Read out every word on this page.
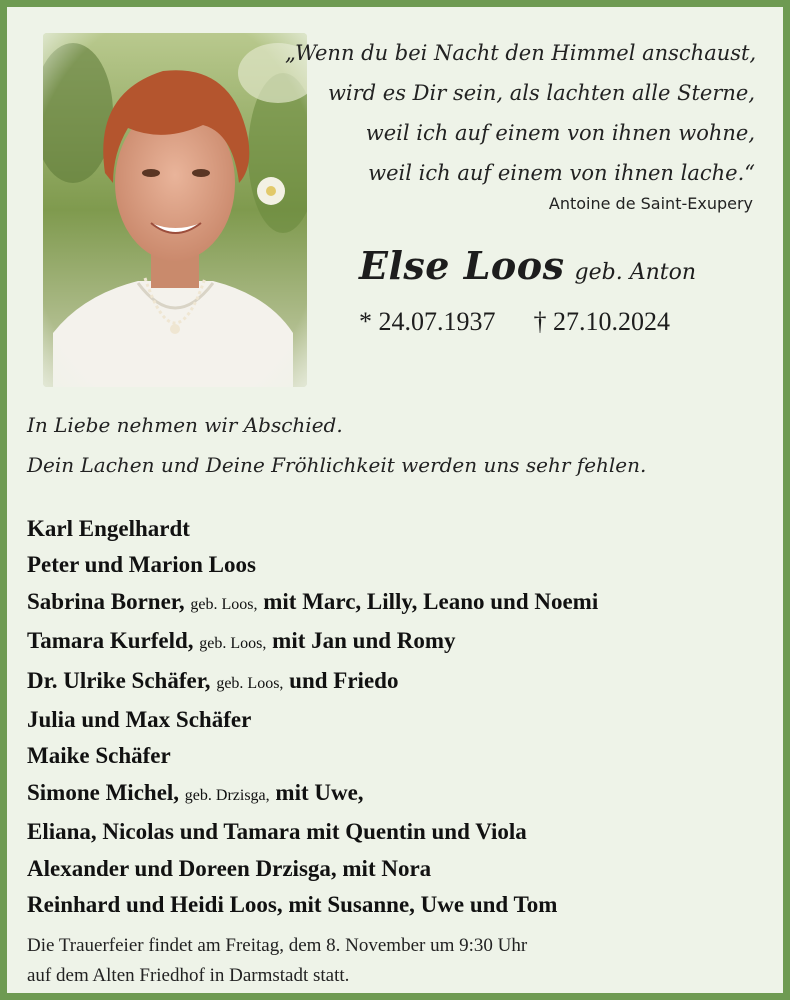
„Wenn du bei Nacht den Himmel anschaust,
wird es Dir sein, als lachten alle Sterne,
weil ich auf einem von ihnen wohne,
weil ich auf einem von ihnen lache.“
Antoine de Saint-Exupery
Else Loos geb. Anton
* 24.07.1937 † 27.10.2024
In Liebe nehmen wir Abschied.
Dein Lachen und Deine Fröhlichkeit werden uns sehr fehlen.
Karl Engelhardt
Peter und Marion Loos
Sabrina Borner, geb. Loos, mit Marc, Lilly, Leano und Noemi
Tamara Kurfeld, geb. Loos, mit Jan und Romy
Dr. Ulrike Schäfer, geb. Loos, und Friedo
Julia und Max Schäfer
Maike Schäfer
Simone Michel, geb. Drzisga, mit Uwe,
Eliana, Nicolas und Tamara mit Quentin und Viola
Alexander und Doreen Drzisga, mit Nora
Reinhard und Heidi Loos, mit Susanne, Uwe und Tom
Die Trauerfeier findet am Freitag, dem 8. November um 9:30 Uhr
auf dem Alten Friedhof in Darmstadt statt.
